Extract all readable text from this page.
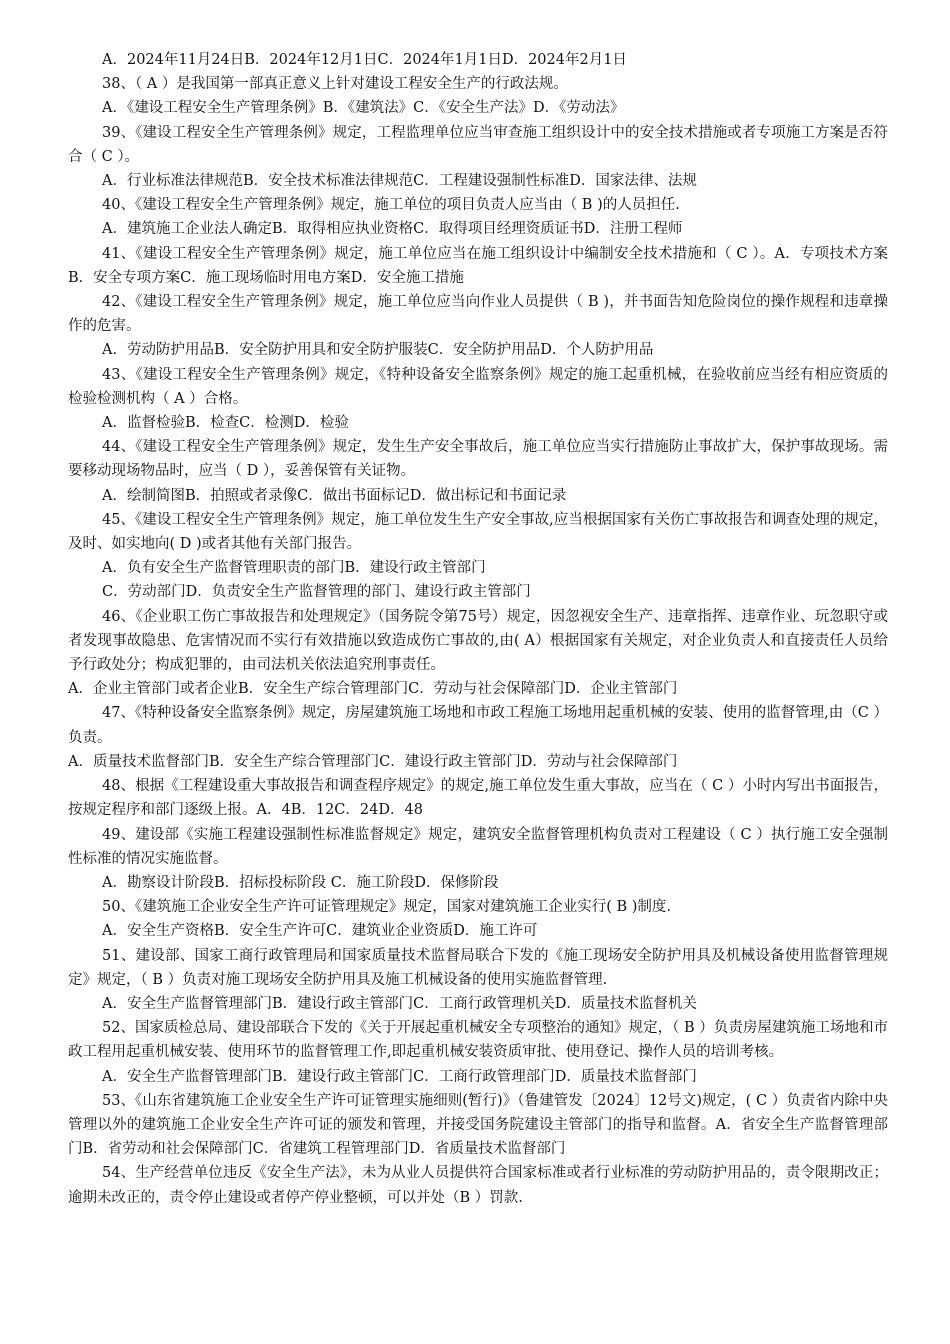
A．2024年11月24日B．2024年12月1日C．2024年1月1日D．2024年2月1日

38、（ A ）是我国第一部真正意义上针对建设工程安全生产的行政法规。

A．《建设工程安全生产管理条例》B．《建筑法》C．《安全生产法》D．《劳动法》

39、《建设工程安全生产管理条例》规定，工程监理单位应当审查施工组织设计中的安全技术措施或者专项施工方案是否符合（ C ）。

A．行业标准法律规范B．安全技术标准法律规范C．工程建设强制性标准D．国家法律、法规

40、《建设工程安全生产管理条例》规定，施工单位的项目负责人应当由（ B )的人员担任.

A．建筑施工企业法人确定B．取得相应执业资格C．取得项目经理资质证书D．注册工程师

41、《建设工程安全生产管理条例》规定，施工单位应当在施工组织设计中编制安全技术措施和（ C ）。A．专项技术方案B．安全专项方案C．施工现场临时用电方案D．安全施工措施

42、《建设工程安全生产管理条例》规定，施工单位应当向作业人员提供（ B )，并书面告知危险岗位的操作规程和违章操作的危害。

A．劳动防护用品B．安全防护用具和安全防护服装C．安全防护用品D．个人防护用品

43、《建设工程安全生产管理条例》规定，《特种设备安全监察条例》规定的施工起重机械，在验收前应当经有相应资质的检验检测机构（ A ）合格。

A．监督检验B．检查C．检测D．检验

44、《建设工程安全生产管理条例》规定，发生生产安全事故后，施工单位应当实行措施防止事故扩大，保护事故现场。需要移动现场物品时，应当（ D ），妥善保管有关证物。

A．绘制简图B．拍照或者录像C．做出书面标记D．做出标记和书面记录

45、《建设工程安全生产管理条例》规定，施工单位发生生产安全事故,应当根据国家有关伤亡事故报告和调查处理的规定，及时、如实地向( D )或者其他有关部门报告。

A．负有安全生产监督管理职责的部门B．建设行政主管部门

C．劳动部门D．负责安全生产监督管理的部门、建设行政主管部门

46、《企业职工伤亡事故报告和处理规定》（国务院令第75号）规定，因忽视安全生产、违章指挥、违章作业、玩忽职守或者发现事故隐患、危害情况而不实行有效措施以致造成伤亡事故的,由( A）根据国家有关规定，对企业负责人和直接责任人员给予行政处分；构成犯罪的，由司法机关依法追究刑事责任。

A．企业主管部门或者企业B．安全生产综合管理部门C．劳动与社会保障部门D．企业主管部门

47、《特种设备安全监察条例》规定，房屋建筑施工场地和市政工程施工场地用起重机械的安装、使用的监督管理,由（C ）负责。

A．质量技术监督部门B．安全生产综合管理部门C．建设行政主管部门D．劳动与社会保障部门

48、根据《工程建设重大事故报告和调查程序规定》的规定,施工单位发生重大事故，应当在（ C ）小时内写出书面报告，按规定程序和部门逐级上报。A．4B．12C．24D．48

49、建设部《实施工程建设强制性标准监督规定》规定，建筑安全监督管理机构负责对工程建设（ C ）执行施工安全强制性标准的情况实施监督。

A．勘察设计阶段B．招标投标阶段 C．施工阶段D．保修阶段

50、《建筑施工企业安全生产许可证管理规定》规定，国家对建筑施工企业实行( B )制度.

A．安全生产资格B．安全生产许可C．建筑业企业资质D．施工许可

51、建设部、国家工商行政管理局和国家质量技术监督局联合下发的《施工现场安全防护用具及机械设备使用监督管理规定》规定，（ B ）负责对施工现场安全防护用具及施工机械设备的使用实施监督管理.

A．安全生产监督管理部门B．建设行政主管部门C．工商行政管理机关D．质量技术监督机关

52、国家质检总局、建设部联合下发的《关于开展起重机械安全专项整治的通知》规定，（ B ）负责房屋建筑施工场地和市政工程用起重机械安装、使用环节的监督管理工作,即起重机械安装资质审批、使用登记、操作人员的培训考核。

A．安全生产监督管理部门B．建设行政主管部门C．工商行政管理部门D．质量技术监督部门

53、《山东省建筑施工企业安全生产许可证管理实施细则(暂行)》（鲁建管发〔2024〕12号文)规定，( C ）负责省内除中央管理以外的建筑施工企业安全生产许可证的颁发和管理，并接受国务院建设主管部门的指导和监督。A．省安全生产监督管理部门B．省劳动和社会保障部门C．省建筑工程管理部门D．省质量技术监督部门

54、生产经营单位违反《安全生产法》，未为从业人员提供符合国家标准或者行业标准的劳动防护用品的，责令限期改正；逾期未改正的，责令停止建设或者停产停业整顿，可以并处（B ）罚款.
